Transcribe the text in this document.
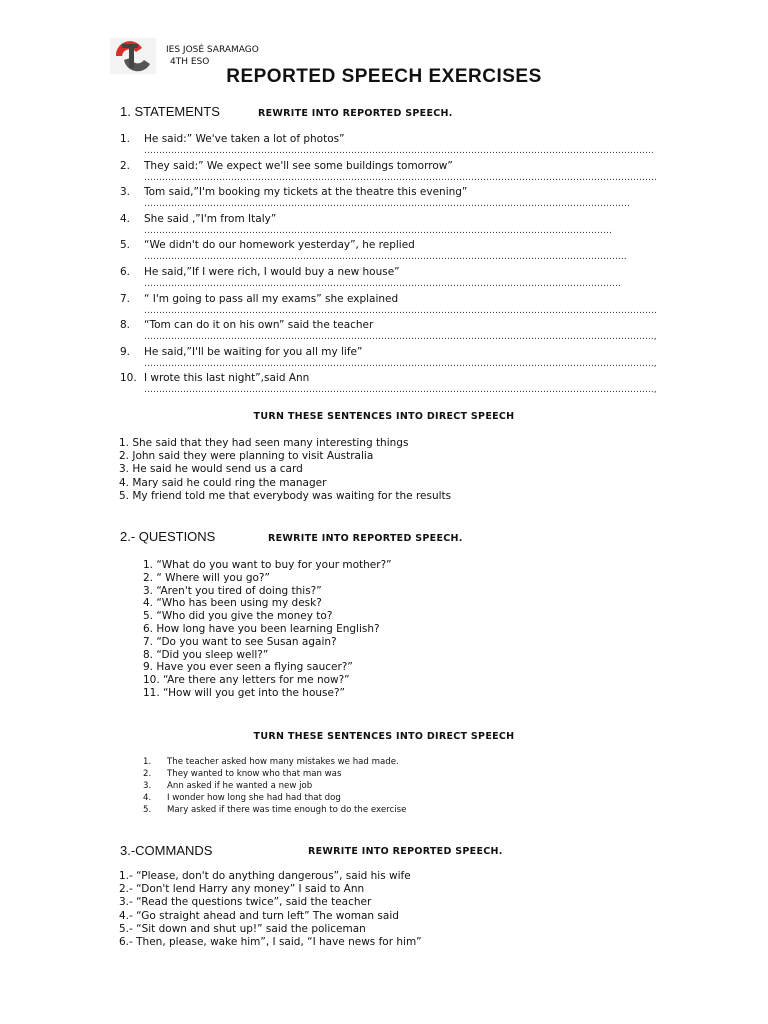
IES JOSÉ SARAMAGO
4TH ESO
REPORTED SPEECH EXERCISES
1. STATEMENTS	REWRITE INTO REPORTED SPEECH.
1. He said:” We've taken a lot of photos”
……………………………………………………………………………………………………………………………………………………..
2. They said:” We expect we'll see some buildings tomorrow”
………………………………………………………………………………………………………………………………………………………
3. Tom said,”I'm booking my tickets at the theatre this evening”
………………………………………………………………………………………………………………………………………………
4. She said ,”I'm from Italy”
…………………………………………………………………………………………………………………………………………
5. “We didn't do our homework yesterday”, he replied
……………………………………………………………………………………………………………………………………………..
6. He said,”If I were rich, I would buy a new house”
……………………………………………………………………………………………………………………………………………
7. “ I'm going to pass all my exams” she explained
………………………………………………………………………………………………………………………………………………………
8. “Tom can do it on his own” said the teacher
……………………………………………………………………………………………………………………………………………………..,
9. He said,”I'll be waiting for you all my life”
……………………………………………………………………………………………………………………………………………………..,
10. I wrote this last night”,said Ann
……………………………………………………………………………………………………………………………………………………..,
TURN THESE SENTENCES INTO DIRECT SPEECH
1. She said that they had seen many interesting things
2. John said they were planning to visit Australia
3. He said he would send us a card
4. Mary said he could ring the manager
5. My friend told me that everybody was waiting for the results
2.- QUESTIONS	REWRITE INTO REPORTED SPEECH.
1. “What do you want to buy for your mother?”
2. “ Where will you go?”
3. “Aren't you tired of doing this?”
4. “Who has been using my desk?
5. “Who did you give the money to?
6. How long have you been learning English?
7. “Do you want to see Susan again?
8. “Did you sleep well?”
9. Have you ever seen a flying saucer?”
10. “Are there any letters for me now?”
11. “How will you get into the house?”
TURN THESE SENTENCES INTO DIRECT SPEECH
1. The teacher asked how many mistakes we had made.
2. They wanted to know who that man was
3. Ann asked if he wanted a new job
4. I wonder how long she had had that dog
5. Mary asked if there was time enough to do the exercise
3.-COMMANDS	REWRITE INTO REPORTED SPEECH.
1.- “Please, don't do anything dangerous”, said his wife
2.- “Don't lend Harry any money” I said to Ann
3.- “Read the questions twice”, said the teacher
4.- “Go straight ahead and turn left” The woman said
5.- “Sit down and shut up!” said the policeman
6.- Then, please, wake him”, I said, “I have news for him”
